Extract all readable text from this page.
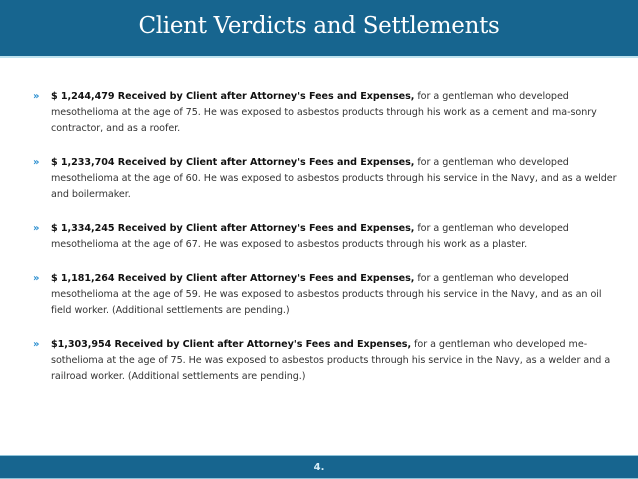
Client Verdicts and Settlements
» $ 1,244,479 Received by Client after Attorney's Fees and Expenses, for a gentleman who developed mesothelioma at the age of 75. He was exposed to asbestos products through his work as a cement and ma-sonry contractor, and as a roofer.
» $ 1,233,704 Received by Client after Attorney's Fees and Expenses, for a gentleman who developed mesothelioma at the age of 60. He was exposed to asbestos products through his service in the Navy, and as a welder and boilermaker.
» $ 1,334,245 Received by Client after Attorney's Fees and Expenses, for a gentleman who developed mesothelioma at the age of 67. He was exposed to asbestos products through his work as a plaster.
» $ 1,181,264 Received by Client after Attorney's Fees and Expenses, for a gentleman who developed mesothelioma at the age of 59. He was exposed to asbestos products through his service in the Navy, and as an oil field worker. (Additional settlements are pending.)
» $1,303,954 Received by Client after Attorney's Fees and Expenses, for a gentleman who developed me-sothelioma at the age of 75. He was exposed to asbestos products through his service in the Navy, as a welder and a railroad worker. (Additional settlements are pending.)
4.
